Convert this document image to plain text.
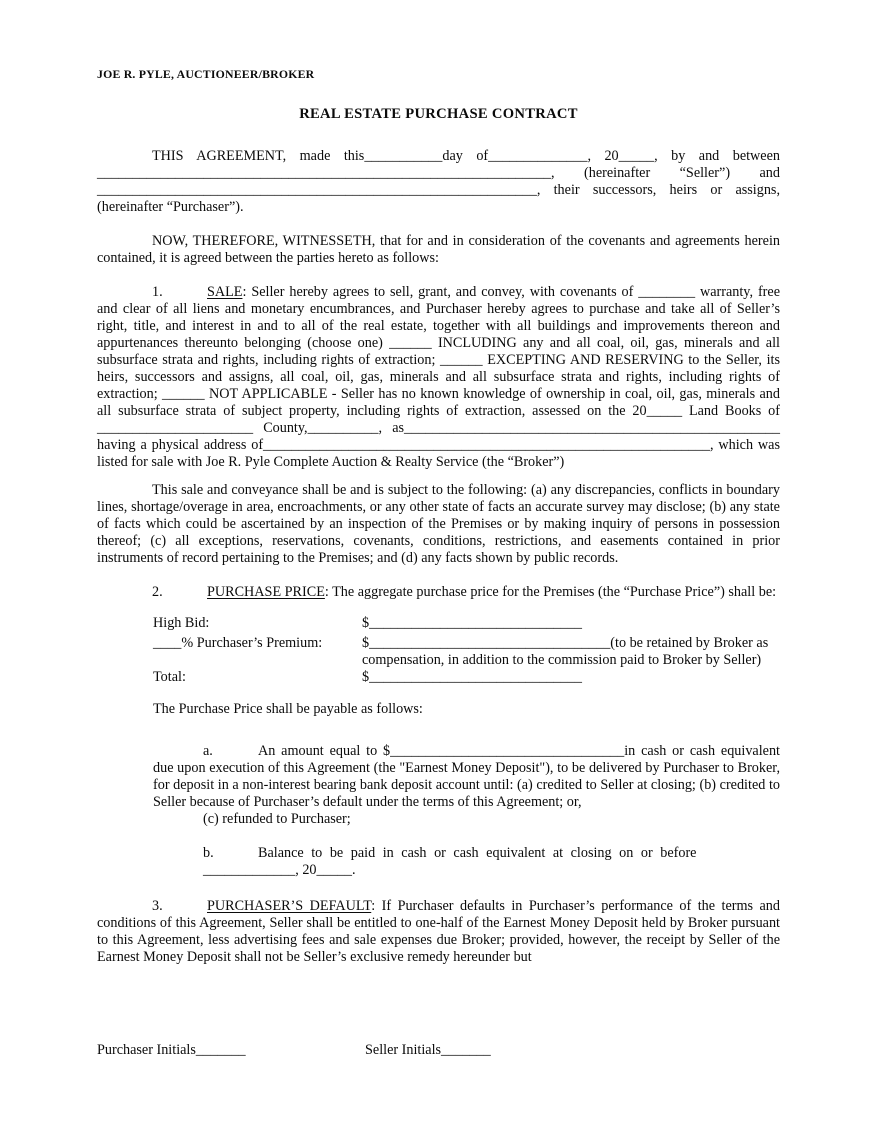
JOE R. PYLE, AUCTIONEER/BROKER

REAL ESTATE PURCHASE CONTRACT

THIS AGREEMENT, made this___________day of______________, 20_____, by and between ________________________________________________________________, (hereinafter “Seller”) and ______________________________________________________________, their successors, heirs or assigns, (hereinafter “Purchaser”).

NOW, THEREFORE, WITNESSETH, that for and in consideration of the covenants and agreements herein contained, it is agreed between the parties hereto as follows:

1.	SALE: Seller hereby agrees to sell, grant, and convey, with covenants of ________ warranty, free and clear of all liens and monetary encumbrances, and Purchaser hereby agrees to purchase and take all of Seller’s right, title, and interest in and to all of the real estate, together with all buildings and improvements thereon and appurtenances thereunto belonging (choose one) ______ INCLUDING any and all coal, oil, gas, minerals and all subsurface strata and rights, including rights of extraction; ______ EXCEPTING AND RESERVING to the Seller, its heirs, successors and assigns, all coal, oil, gas, minerals and all subsurface strata and rights, including rights of extraction; ______ NOT APPLICABLE - Seller has no known knowledge of ownership in coal, oil, gas, minerals and all subsurface strata of subject property, including rights of extraction, assessed on the 20_____ Land Books of ______________________ County,__________, as_____________________________________________________ having a physical address of_______________________________________________________________, which was listed for sale with Joe R. Pyle Complete Auction & Realty Service (the “Broker”)

This sale and conveyance shall be and is subject to the following: (a) any discrepancies, conflicts in boundary lines, shortage/overage in area, encroachments, or any other state of facts an accurate survey may disclose; (b) any state of facts which could be ascertained by an inspection of the Premises or by making inquiry of persons in possession thereof; (c) all exceptions, reservations, covenants, conditions, restrictions, and easements contained in prior instruments of record pertaining to the Premises; and (d) any facts shown by public records.

2.	PURCHASE PRICE: The aggregate purchase price for the Premises (the “Purchase Price”) shall be:

High Bid:	$______________________________
____% Purchaser’s Premium:	$__________________________________(to be retained by Broker as compensation, in addition to the commission paid to Broker by Seller)
Total:	$______________________________

The Purchase Price shall be payable as follows:

a.	An amount equal to $_________________________________in cash or cash equivalent due upon execution of this Agreement (the "Earnest Money Deposit"), to be delivered by Purchaser to Broker, for deposit in a non-interest bearing bank deposit account until: (a) credited to Seller at closing; (b) credited to Seller because of Purchaser’s default under the terms of this Agreement; or,
(c) refunded to Purchaser;

b.	Balance to be paid in cash or cash equivalent at closing on or before
_____________, 20_____.

3.	PURCHASER’S DEFAULT: If Purchaser defaults in Purchaser’s performance of the terms and conditions of this Agreement, Seller shall be entitled to one-half of the Earnest Money Deposit held by Broker pursuant to this Agreement, less advertising fees and sale expenses due Broker; provided, however, the receipt by Seller of the Earnest Money Deposit shall not be Seller’s exclusive remedy hereunder but

Purchaser Initials_______	Seller Initials_______
